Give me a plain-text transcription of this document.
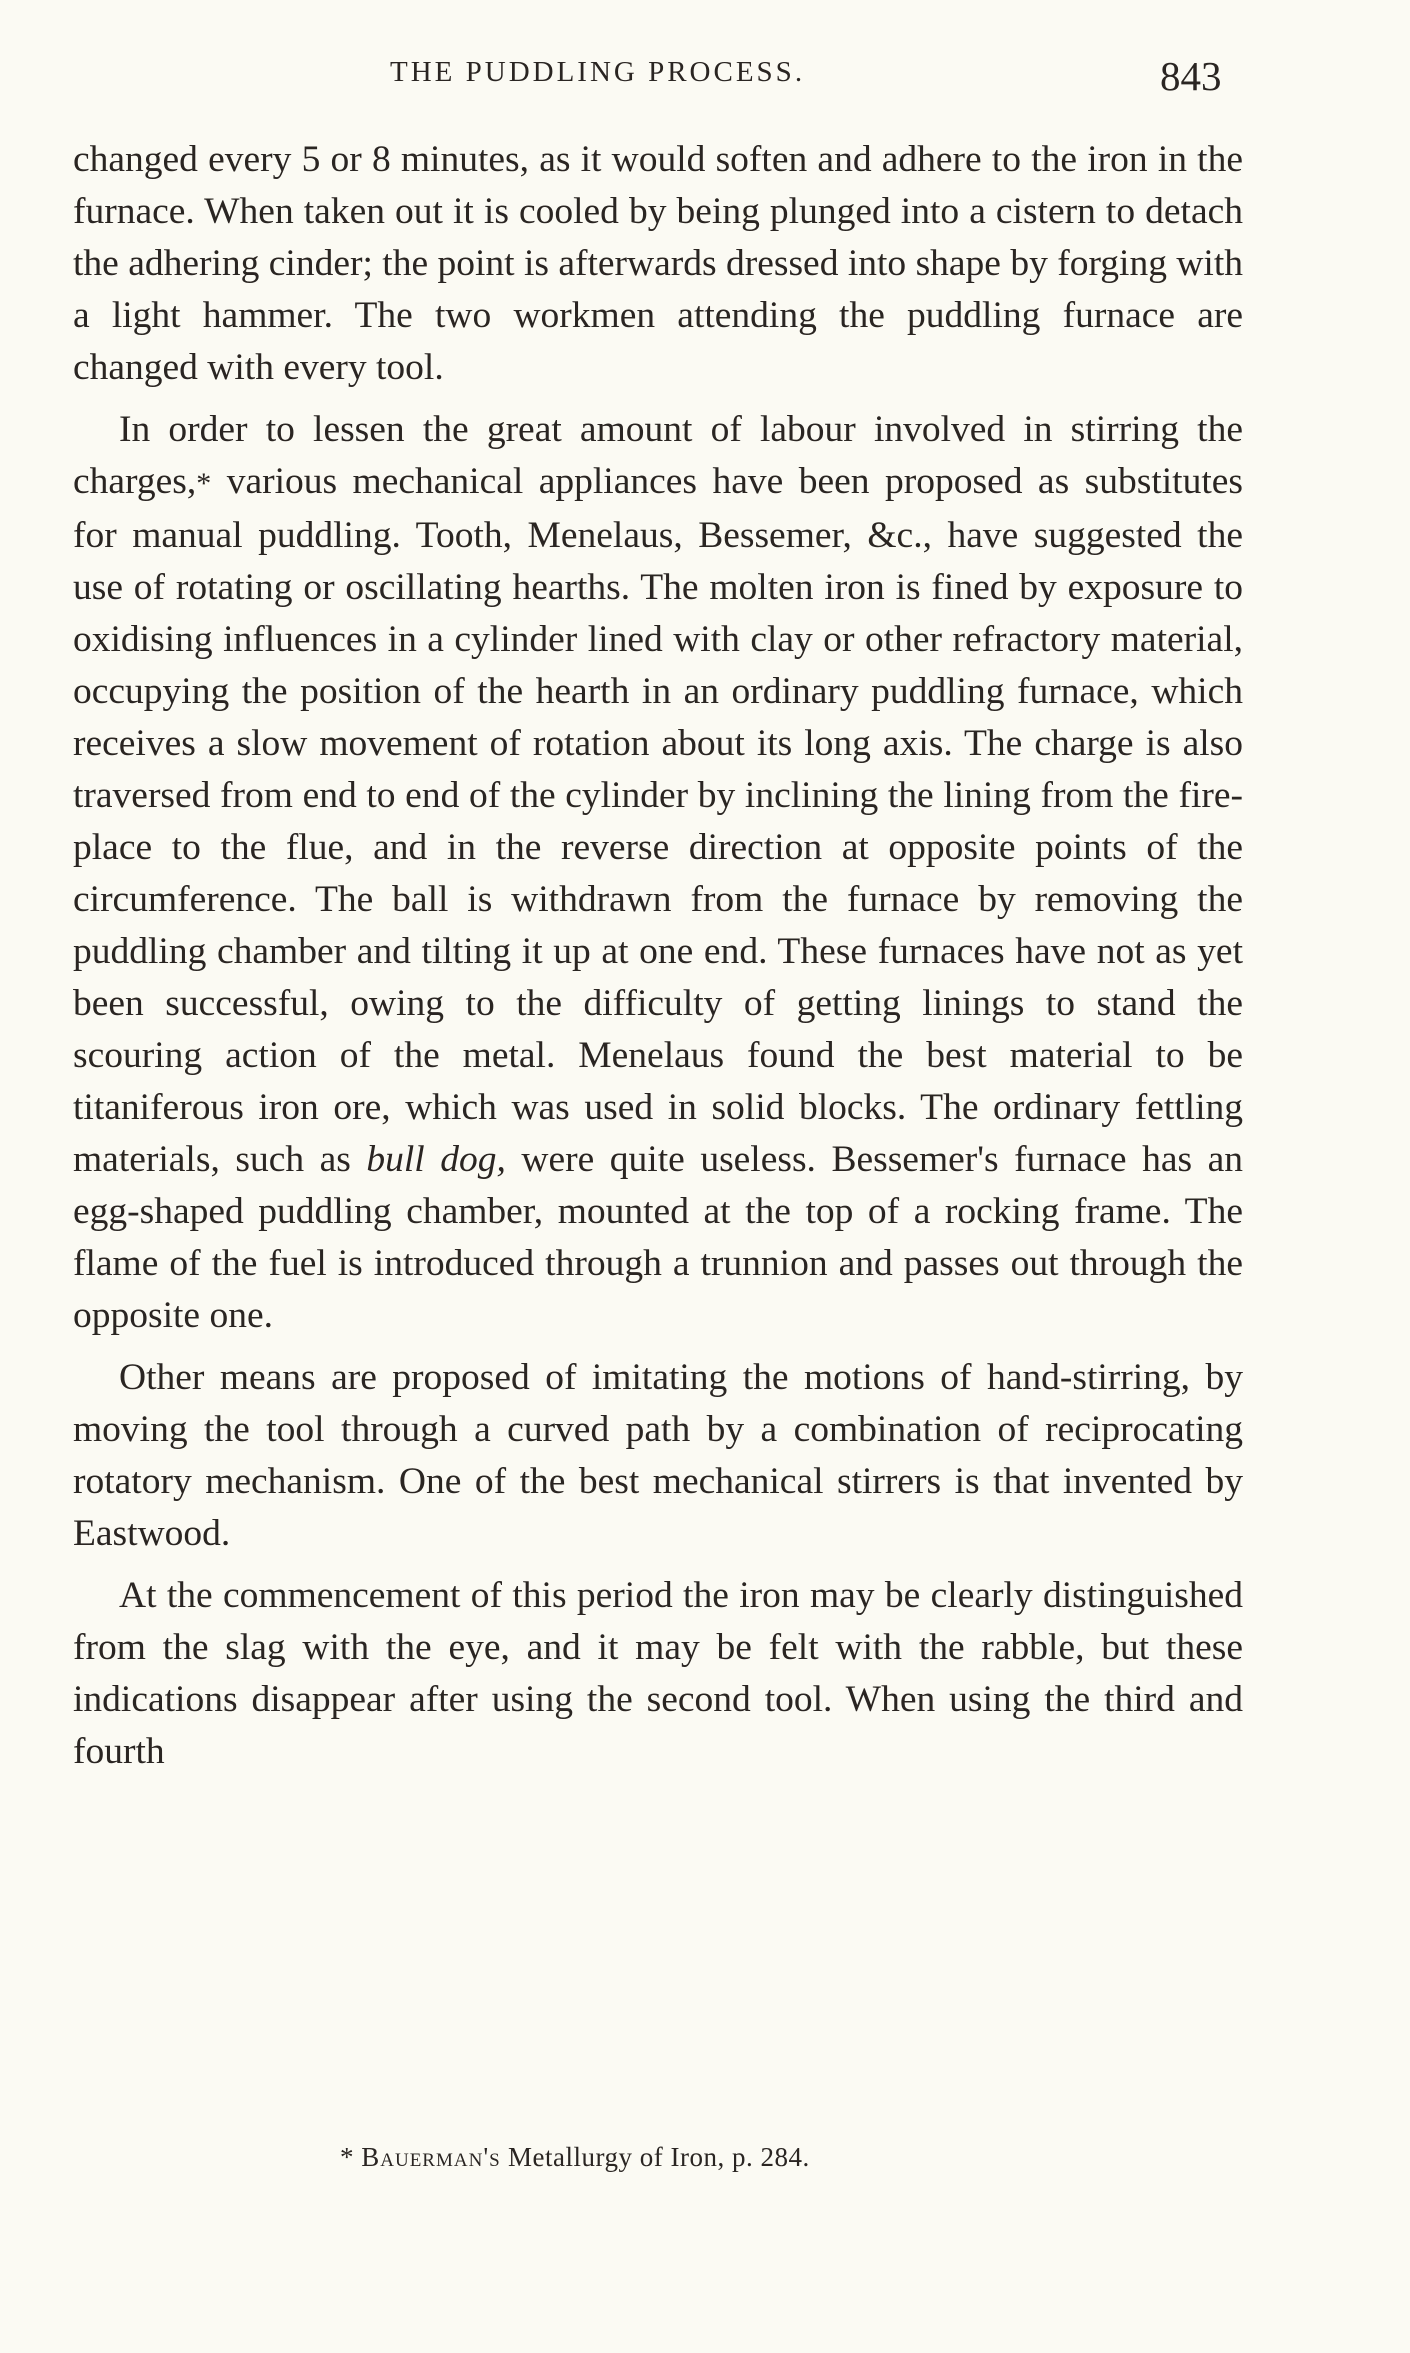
THE PUDDLING PROCESS.	843

changed every 5 or 8 minutes, as it would soften and adhere to the iron in the furnace. When taken out it is cooled by being plunged into a cistern to detach the adhering cinder; the point is afterwards dressed into shape by forging with a light hammer. The two workmen attending the puddling furnace are changed with every tool.

In order to lessen the great amount of labour involved in stirring the charges,* various mechanical appliances have been proposed as substitutes for manual puddling. Tooth, Menelaus, Bessemer, &c., have suggested the use of rotating or oscillating hearths. The molten iron is fined by exposure to oxidising influences in a cylinder lined with clay or other refractory material, occupying the position of the hearth in an ordinary puddling furnace, which receives a slow movement of rotation about its long axis. The charge is also traversed from end to end of the cylinder by inclining the lining from the fire-place to the flue, and in the reverse direction at opposite points of the circumference. The ball is withdrawn from the furnace by removing the puddling chamber and tilting it up at one end. These furnaces have not as yet been successful, owing to the difficulty of getting linings to stand the scouring action of the metal. Menelaus found the best material to be titaniferous iron ore, which was used in solid blocks. The ordinary fettling materials, such as bull dog, were quite useless. Bessemer's furnace has an egg-shaped puddling chamber, mounted at the top of a rocking frame. The flame of the fuel is introduced through a trunnion and passes out through the opposite one.

Other means are proposed of imitating the motions of hand-stirring, by moving the tool through a curved path by a combination of reciprocating rotatory mechanism. One of the best mechanical stirrers is that invented by Eastwood.

At the commencement of this period the iron may be clearly distinguished from the slag with the eye, and it may be felt with the rabble, but these indications disappear after using the second tool. When using the third and fourth

* Bauerman's Metallurgy of Iron, p. 284.
